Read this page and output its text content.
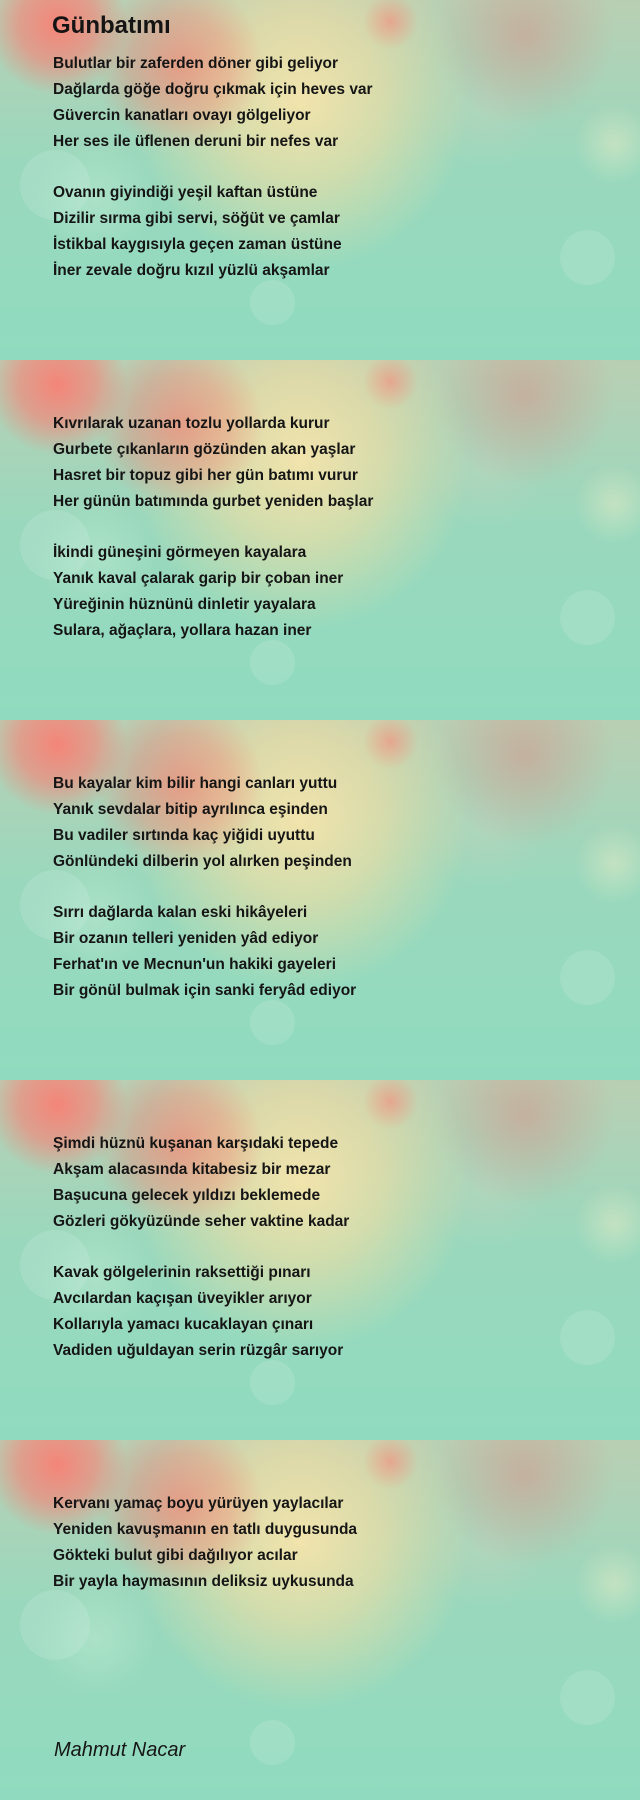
Günbatımı
Bulutlar bir zaferden döner gibi geliyor
Dağlarda göğe doğru çıkmak için heves var
Güvercin kanatları ovayı gölgeliyor
Her ses ile üflenen deruni bir nefes var
Ovanın giyindiği yeşil kaftan üstüne
Dizilir sırma gibi servi, söğüt ve çamlar
İstikbal kaygısıyla geçen zaman üstüne
İner zevale doğru kızıl yüzlü akşamlar
Kıvrılarak uzanan tozlu yollarda kurur
Gurbete çıkanların gözünden akan yaşlar
Hasret bir topuz gibi her gün batımı vurur
Her günün batımında gurbet yeniden başlar
İkindi güneşini görmeyen kayalara
Yanık kaval çalarak garip bir çoban iner
Yüreğinin hüznünü dinletir yayalara
Sulara, ağaçlara, yollara hazan iner
Bu kayalar kim bilir hangi canları yuttu
Yanık sevdalar bitip ayrılınca eşinden
Bu vadiler sırtında kaç yiğidi uyuttu
Gönlündeki dilberin yol alırken peşinden
Sırrı dağlarda kalan eski hikâyeleri
Bir ozanın telleri yeniden yâd ediyor
Ferhat'ın ve Mecnun'un hakiki gayeleri
Bir gönül bulmak için sanki feryâd ediyor
Şimdi hüznü kuşanan karşıdaki tepede
Akşam alacasında kitabesiz bir mezar
Başucuna gelecek yıldızı beklemede
Gözleri gökyüzünde seher vaktine kadar
Kavak gölgelerinin raksettiği pınarı
Avcılardan kaçışan üveyikler arıyor
Kollarıyla yamacı kucaklayan çınarı
Vadiden uğuldayan serin rüzgâr sarıyor
Kervanı yamaç boyu yürüyen yaylacılar
Yeniden kavuşmanın en tatlı duygusunda
Gökteki bulut gibi dağılıyor acılar
Bir yayla haymasının deliksiz uykusunda
Mahmut Nacar
